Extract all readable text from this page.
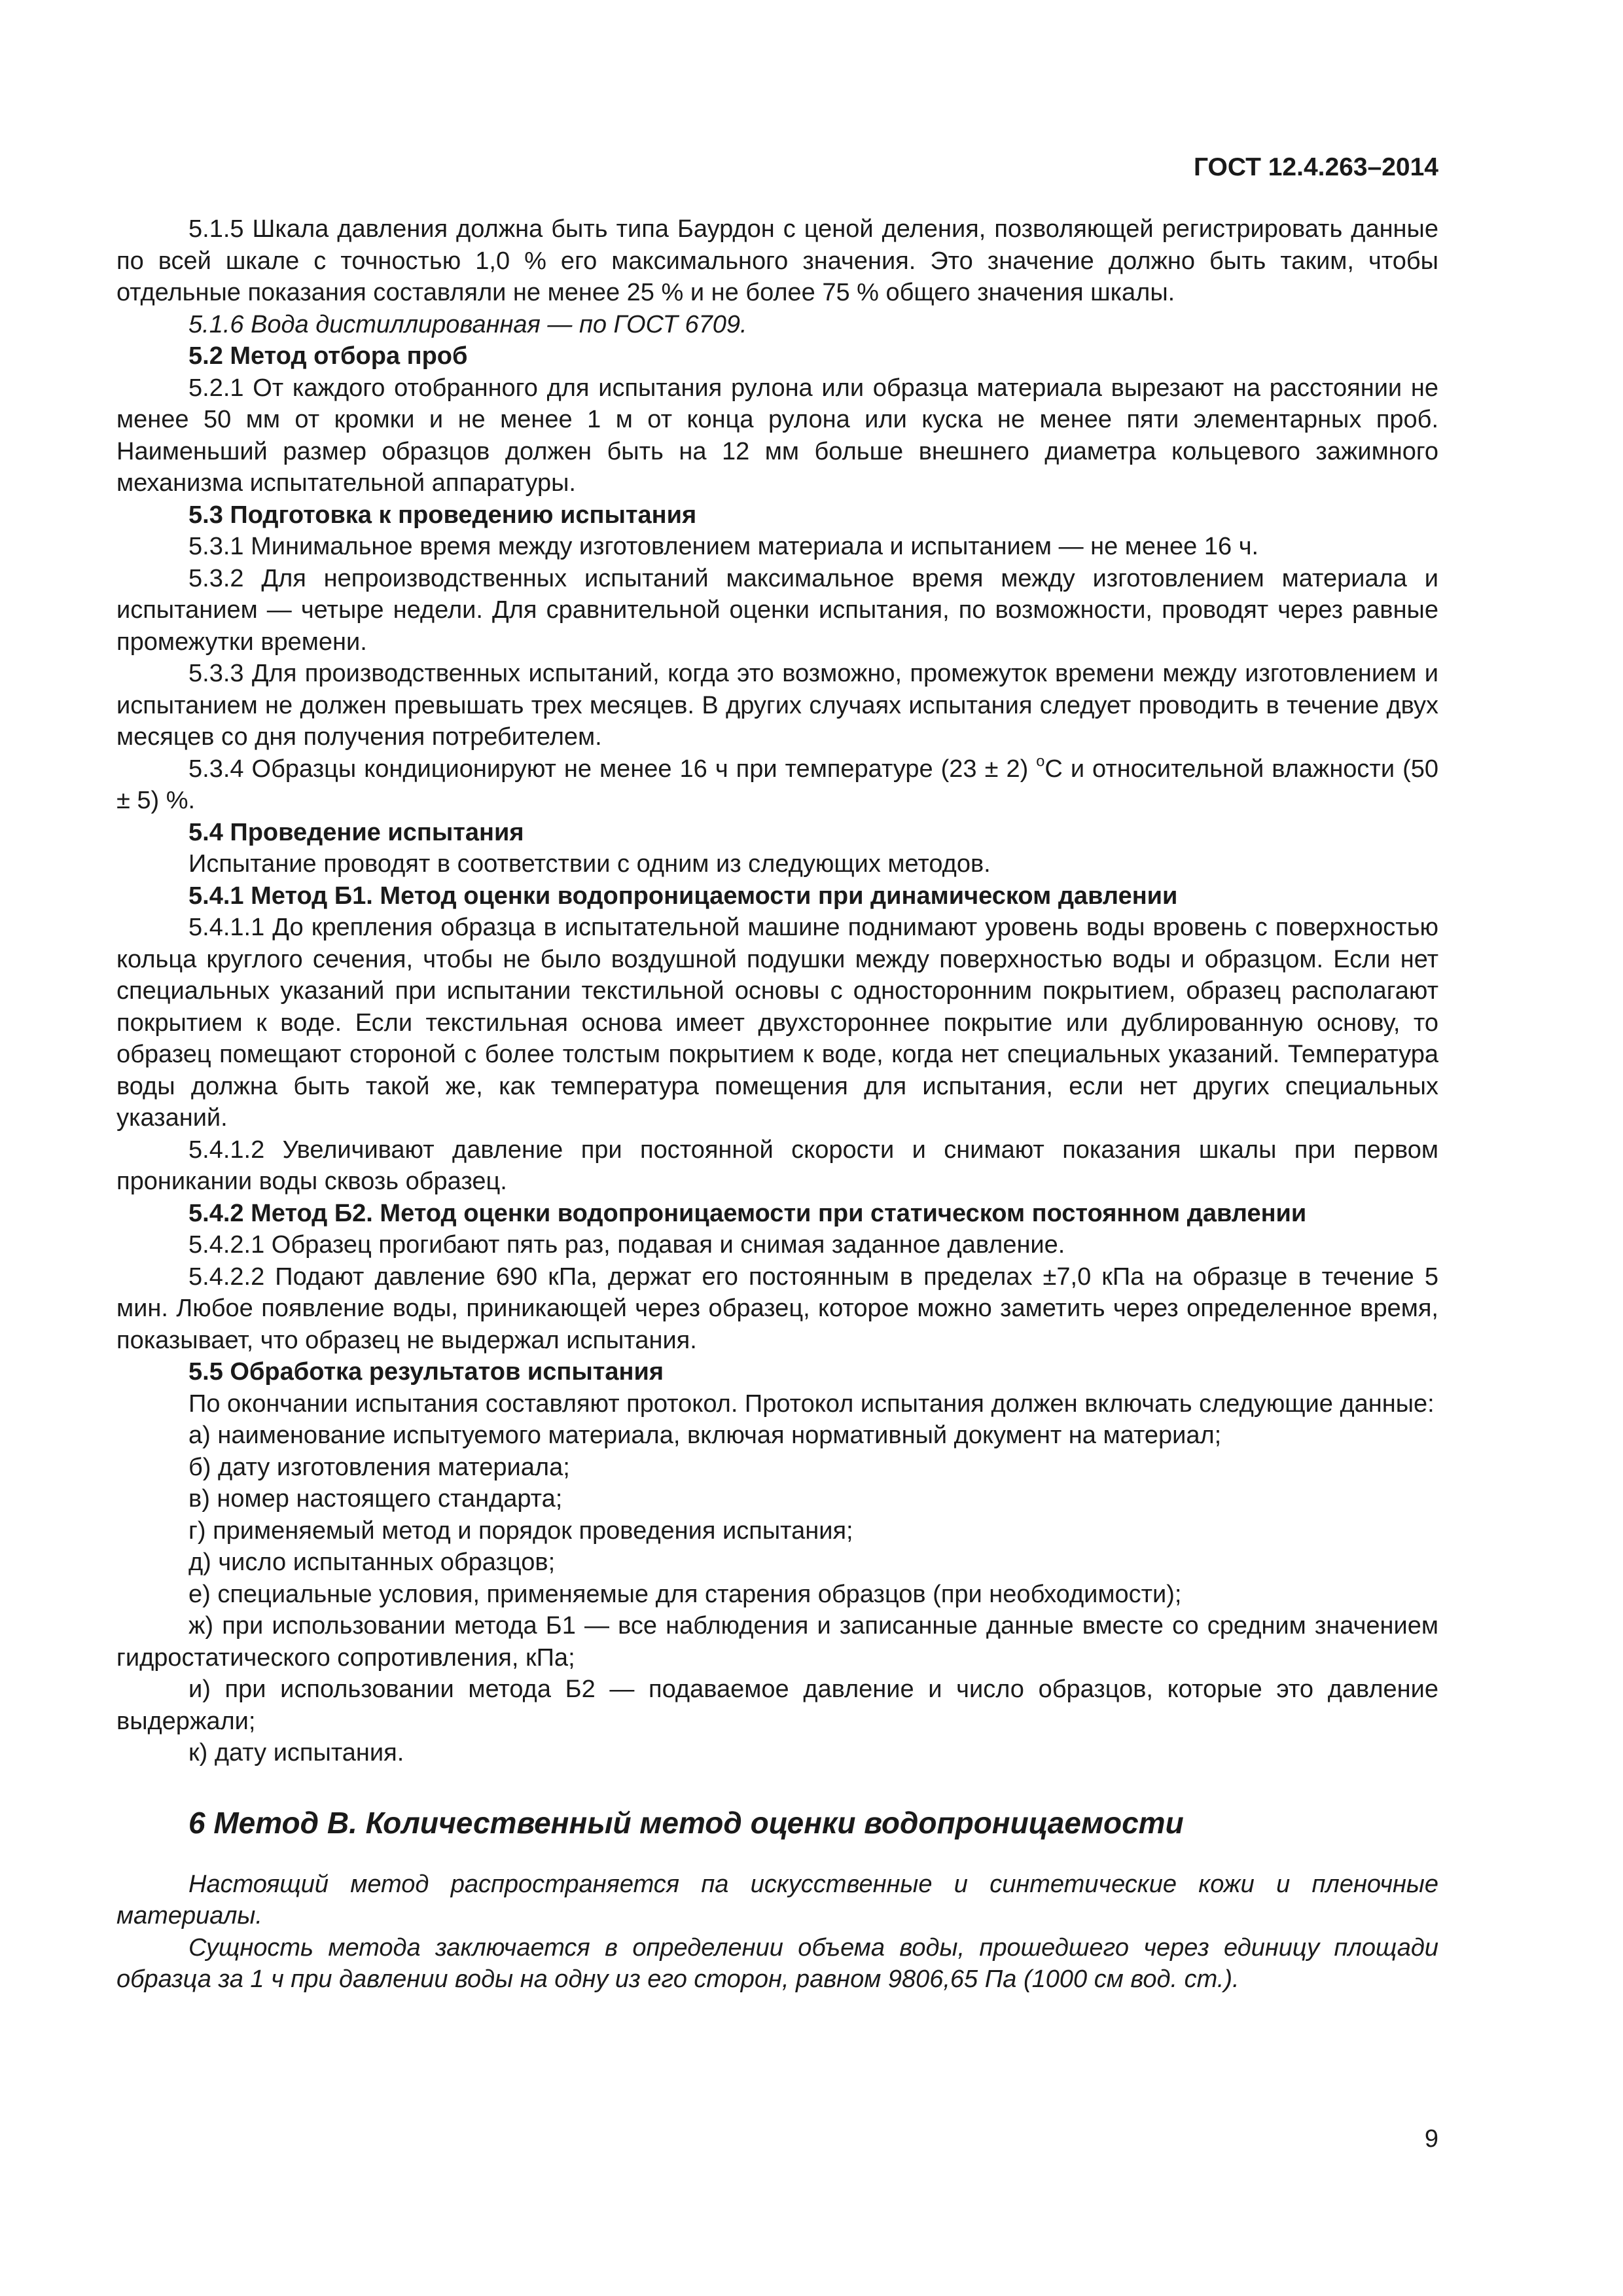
ГОСТ 12.4.263–2014

5.1.5 Шкала давления должна быть типа Баурдон с ценой деления, позволяющей регистрировать данные по всей шкале с точностью 1,0 % его максимального значения. Это значение должно быть таким, чтобы отдельные показания составляли не менее 25 % и не более 75 % общего значения шкалы.

5.1.6 Вода дистиллированная — по ГОСТ 6709.

5.2 Метод отбора проб

5.2.1 От каждого отобранного для испытания рулона или образца материала вырезают на расстоянии не менее 50 мм от кромки и не менее 1 м от конца рулона или куска не менее пяти элементарных проб. Наименьший размер образцов должен быть на 12 мм больше внешнего диаметра кольцевого зажимного механизма испытательной аппаратуры.

5.3 Подготовка к проведению испытания

5.3.1 Минимальное время между изготовлением материала и испытанием — не менее 16 ч.

5.3.2 Для непроизводственных испытаний максимальное время между изготовлением материала и испытанием — четыре недели. Для сравнительной оценки испытания, по возможности, проводят через равные промежутки времени.

5.3.3 Для производственных испытаний, когда это возможно, промежуток времени между изготовлением и испытанием не должен превышать трех месяцев. В других случаях испытания следует проводить в течение двух месяцев со дня получения потребителем.

5.3.4 Образцы кондиционируют не менее 16 ч при температуре (23 ± 2) $^o$С и относительной влажности (50 ± 5) %.

5.4 Проведение испытания

Испытание проводят в соответствии с одним из следующих методов.

5.4.1 Метод Б1. Метод оценки водопроницаемости при динамическом давлении

5.4.1.1 До крепления образца в испытательной машине поднимают уровень воды вровень с поверхностью кольца круглого сечения, чтобы не было воздушной подушки между поверхностью воды и образцом. Если нет специальных указаний при испытании текстильной основы с односторонним покрытием, образец располагают покрытием к воде. Если текстильная основа имеет двухстороннее покрытие или дублированную основу, то образец помещают стороной с более толстым покрытием к воде, когда нет специальных указаний. Температура воды должна быть такой же, как температура помещения для испытания, если нет других специальных указаний.

5.4.1.2 Увеличивают давление при постоянной скорости и снимают показания шкалы при первом проникании воды сквозь образец.

5.4.2 Метод Б2. Метод оценки водопроницаемости при статическом постоянном давлении

5.4.2.1 Образец прогибают пять раз, подавая и снимая заданное давление.

5.4.2.2 Подают давление 690 кПа, держат его постоянным в пределах ±7,0 кПа на образце в течение 5 мин. Любое появление воды, приникающей через образец, которое можно заметить через определенное время, показывает, что образец не выдержал испытания.

5.5 Обработка результатов испытания

По окончании испытания составляют протокол. Протокол испытания должен включать следующие данные:

а) наименование испытуемого материала, включая нормативный документ на материал;

б) дату изготовления материала;

в) номер настоящего стандарта;

г) применяемый метод и порядок проведения испытания;

д) число испытанных образцов;

е) специальные условия, применяемые для старения образцов (при необходимости);

ж) при использовании метода Б1 — все наблюдения и записанные данные вместе со средним значением гидростатического сопротивления, кПа;

и) при использовании метода Б2 — подаваемое давление и число образцов, которые это давление выдержали;

к) дату испытания.

6 Метод В. Количественный метод оценки водопроницаемости

Настоящий метод распространяется па искусственные и синтетические кожи и пленочные материалы.

Сущность метода заключается в определении объема воды, прошедшего через единицу площади образца за 1 ч при давлении воды на одну из его сторон, равном 9806,65 Па (1000 см вод. ст.).

9
